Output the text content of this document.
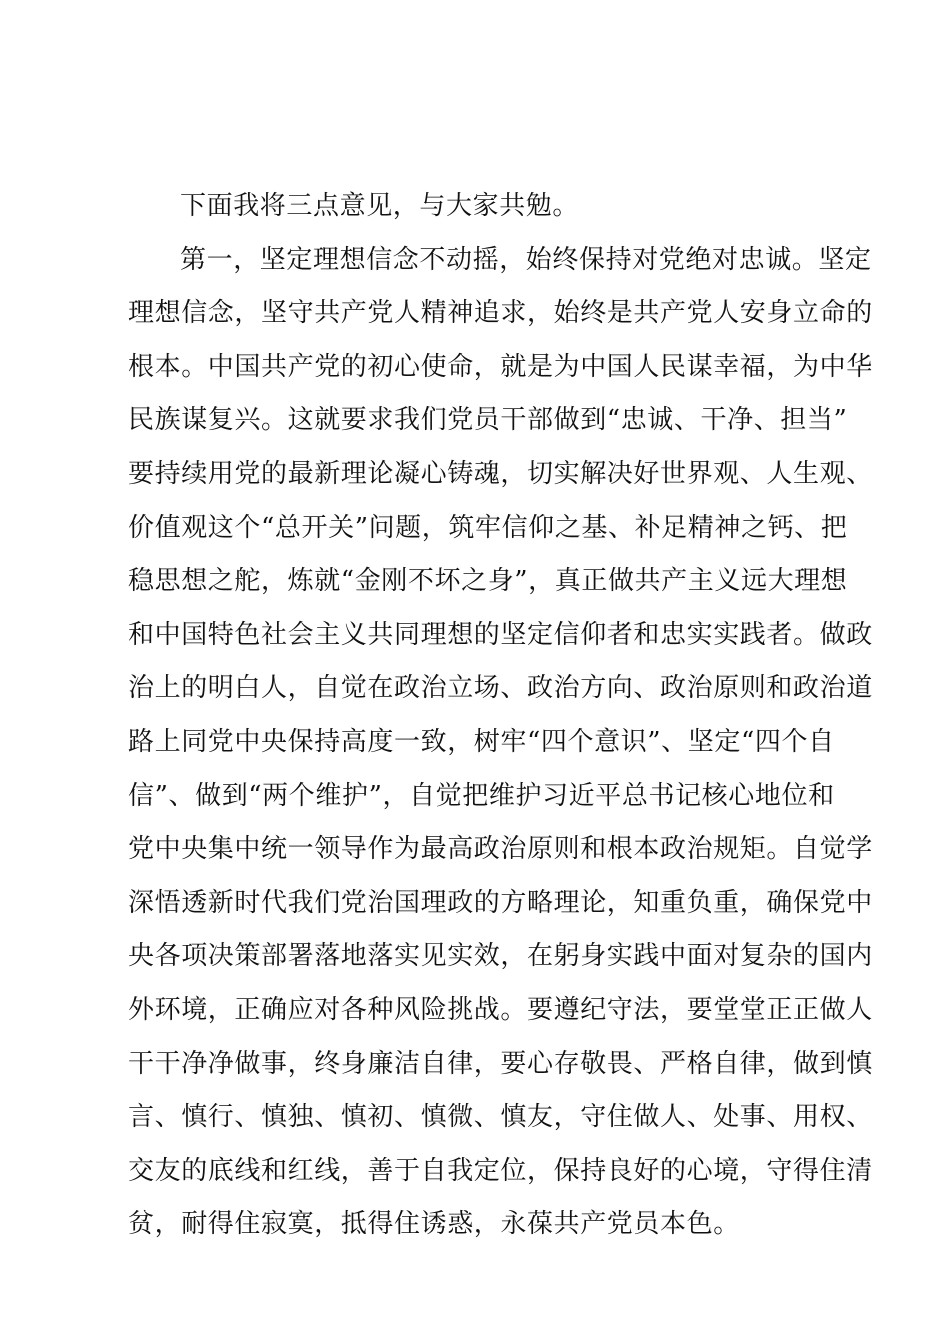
下面我将三点意见，与大家共勉。
第一，坚定理想信念不动摇，始终保持对党绝对忠诚。坚定
理想信念，坚守共产党人精神追求，始终是共产党人安身立命的
根本。中国共产党的初心使命，就是为中国人民谋幸福，为中华
民族谋复兴。这就要求我们党员干部做到“忠诚、干净、担当”
要持续用党的最新理论凝心铸魂，切实解决好世界观、人生观、
价值观这个“总开关”问题，筑牢信仰之基、补足精神之钙、把
稳思想之舵，炼就“金刚不坏之身”，真正做共产主义远大理想
和中国特色社会主义共同理想的坚定信仰者和忠实实践者。做政
治上的明白人，自觉在政治立场、政治方向、政治原则和政治道
路上同党中央保持高度一致，树牢“四个意识”、坚定“四个自
信”、做到“两个维护”，自觉把维护习近平总书记核心地位和
党中央集中统一领导作为最高政治原则和根本政治规矩。自觉学
深悟透新时代我们党治国理政的方略理论，知重负重，确保党中
央各项决策部署落地落实见实效，在躬身实践中面对复杂的国内
外环境，正确应对各种风险挑战。要遵纪守法，要堂堂正正做人
干干净净做事，终身廉洁自律，要心存敬畏、严格自律，做到慎
言、慎行、慎独、慎初、慎微、慎友，守住做人、处事、用权、
交友的底线和红线，善于自我定位，保持良好的心境，守得住清
贫，耐得住寂寞，抵得住诱惑，永葆共产党员本色。
